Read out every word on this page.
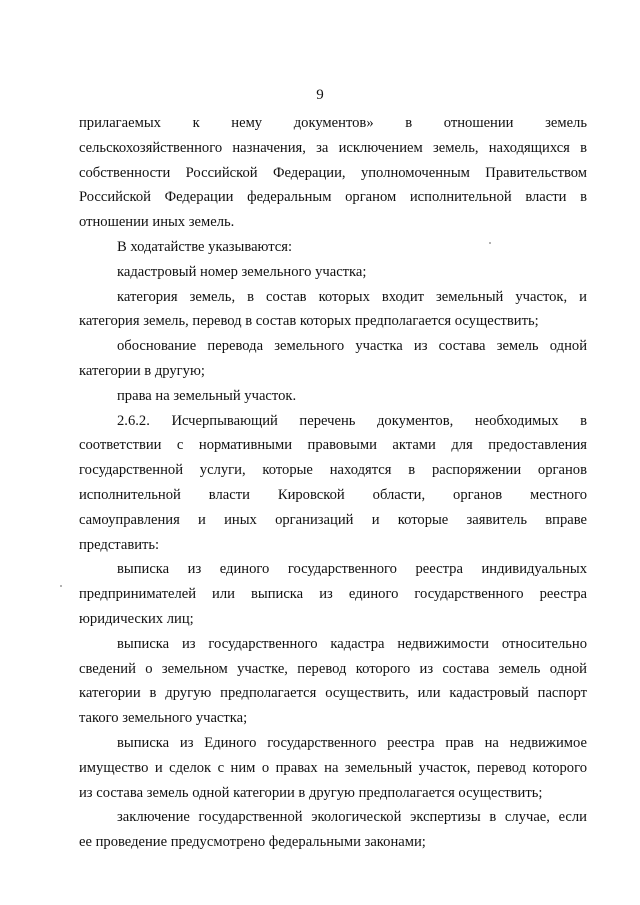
9
прилагаемых к нему документов» в отношении земель
сельскохозяйственного назначения, за исключением земель, находящихся в
собственности Российской Федерации, уполномоченным Правительством
Российской Федерации федеральным органом исполнительной власти в
отношении иных земель.
В ходатайстве указываются:
кадастровый номер земельного участка;
категория земель, в состав которых входит земельный участок, и
категория земель, перевод в состав которых предполагается осуществить;
обоснование перевода земельного участка из состава земель одной
категории в другую;
права на земельный участок.
2.6.2. Исчерпывающий перечень документов, необходимых в
соответствии с нормативными правовыми актами для предоставления
государственной услуги, которые находятся в распоряжении органов
исполнительной власти Кировской области, органов местного
самоуправления и иных организаций и которые заявитель вправе
представить:
выписка из единого государственного реестра индивидуальных
предпринимателей или выписка из единого государственного реестра
юридических лиц;
выписка из государственного кадастра недвижимости относительно
сведений о земельном участке, перевод которого из состава земель одной
категории в другую предполагается осуществить, или кадастровый паспорт
такого земельного участка;
выписка из Единого государственного реестра прав на недвижимое
имущество и сделок с ним о правах на земельный участок, перевод которого
из состава земель одной категории в другую предполагается осуществить;
заключение государственной экологической экспертизы в случае, если
ее проведение предусмотрено федеральными законами;
